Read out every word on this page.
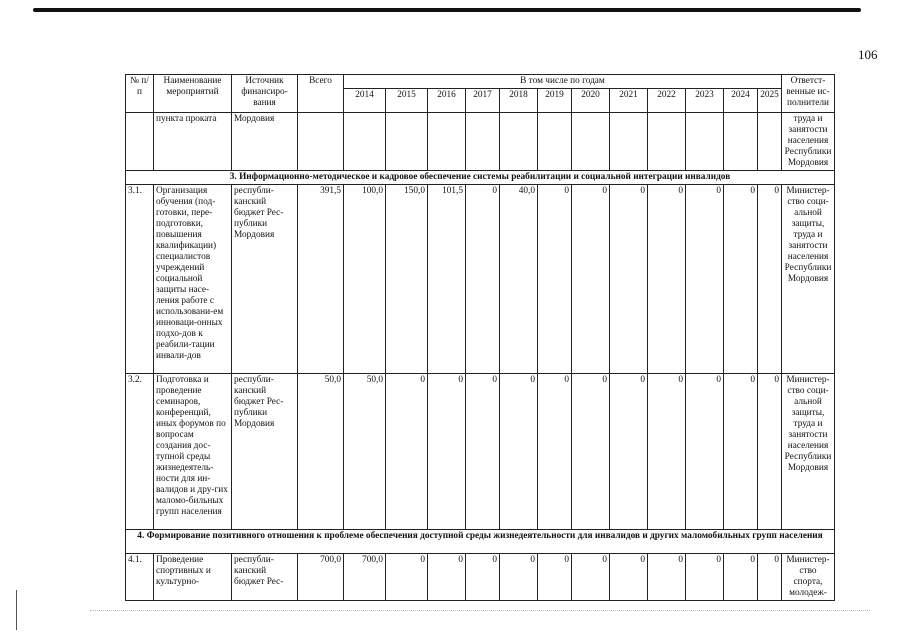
106
№ п/п	Наименование мероприятий	Источник финансиро-вания	Всего	В том числе по годам												Ответст-венные ис-полнители
				2014	2015	2016	2017	2018	2019	2020	2021	2022	2023	2024	2025	
	пункта проката	Мордовия														труда и занятости населения Республики Мордовия
3. Информационно-методическое и кадровое обеспечение системы реабилитации и социальной интеграции инвалидов																
3.1.	Организация обучения (под-готовки, пере-подготовки, повышения квалификации) специалистов учреждений социальной защиты насе-ления работе с использовани-ем инноваци-онных подхо-дов к реабили-тации инвали-дов	республи-канский бюджет Рес-публики Мордовия	391,5	100,0	150,0	101,5	0	40,0	0	0	0	0	0	0	0	Министер-ство соци-альной защиты, труда и занятости населения Республики Мордовия
3.2.	Подготовка и проведение семинаров, конференций, иных форумов по вопросам создания дос-тупной среды жизнедеятель-ности для ин-валидов и дру-гих маломо-бильных групп населения	республи-канский бюджет Рес-публики Мордовия	50,0	50,0	0	0	0	0	0	0	0	0	0	0	0	Министер-ство соци-альной защиты, труда и занятости населения Республики Мордовия
4. Формирование позитивного отношения к проблеме обеспечения доступной среды жизнедеятельности для инвалидов и других маломобильных групп населения																
4.1.	Проведение спортивных и культурно-	республи-канский бюджет Рес-	700,0	700,0	0	0	0	0	0	0	0	0	0	0	0	Министер-ство спорта, молодеж-
